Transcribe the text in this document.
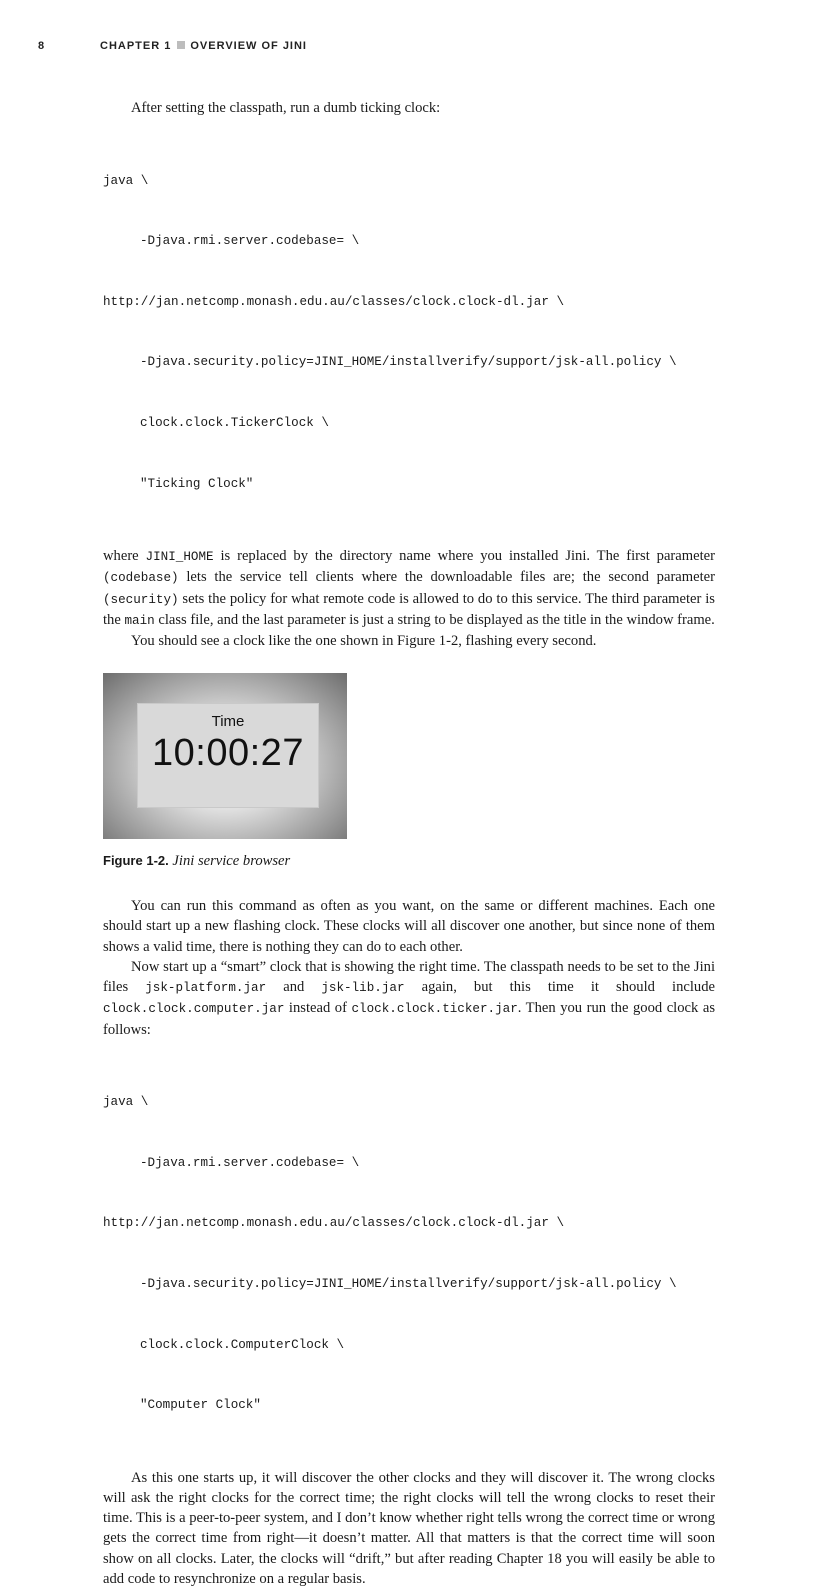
8	CHAPTER 1 OVERVIEW OF JINI

After setting the classpath, run a dumb ticking clock:

java \

-Djava.rmi.server.codebase= \

http://jan.netcomp.monash.edu.au/classes/clock.clock-dl.jar \

-Djava.security.policy=JINI_HOME/installverify/support/jsk-all.policy \

clock.clock.TickerClock \

"Ticking Clock"

where JINI_HOME is replaced by the directory name where you installed Jini. The first parameter (codebase) lets the service tell clients where the downloadable files are; the second parameter (security) sets the policy for what remote code is allowed to do to this service. The third parameter is the main class file, and the last parameter is just a string to be displayed as the title in the window frame.

You should see a clock like the one shown in Figure 1-2, flashing every second.

Time
10:00:27
Figure 1-2. Jini service browser

You can run this command as often as you want, on the same or different machines. Each one should start up a new flashing clock. These clocks will all discover one another, but since none of them shows a valid time, there is nothing they can do to each other.

Now start up a “smart” clock that is showing the right time. The classpath needs to be set to the Jini files jsk-platform.jar and jsk-lib.jar again, but this time it should include clock.clock.computer.jar instead of clock.clock.ticker.jar. Then you run the good clock as follows:

java \

-Djava.rmi.server.codebase= \

http://jan.netcomp.monash.edu.au/classes/clock.clock-dl.jar \

-Djava.security.policy=JINI_HOME/installverify/support/jsk-all.policy \

clock.clock.ComputerClock \

"Computer Clock"

As this one starts up, it will discover the other clocks and they will discover it. The wrong clocks will ask the right clocks for the correct time; the right clocks will tell the wrong clocks to reset their time. This is a peer-to-peer system, and I don’t know whether right tells wrong the correct time or wrong gets the correct time from right—it doesn’t matter. All that matters is that the correct time will soon show on all clocks. Later, the clocks will “drift,” but after reading Chapter 18 you will easily be able to add code to resynchronize on a regular basis.
